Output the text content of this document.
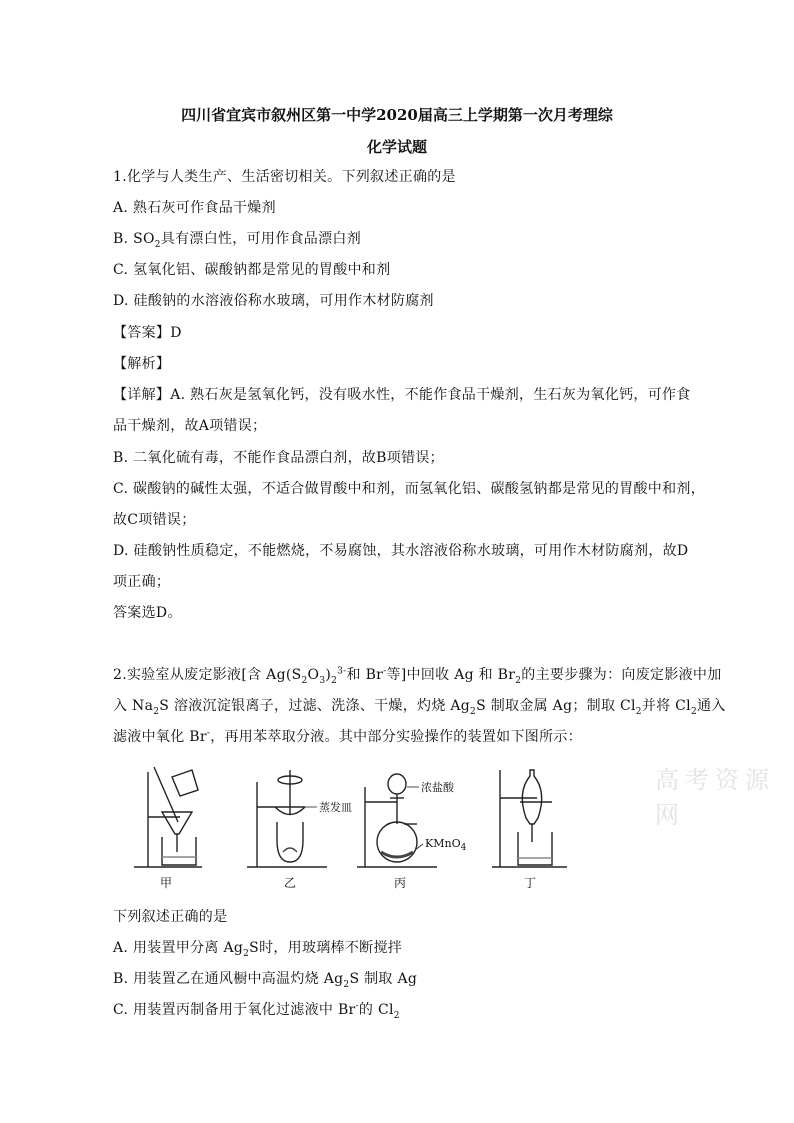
四川省宜宾市叙州区第一中学2020届高三上学期第一次月考理综
化学试题
1.化学与人类生产、生活密切相关。下列叙述正确的是
A. 熟石灰可作食品干燥剂
B. $SO_2$具有漂白性，可用作食品漂白剂
C. 氢氧化铝、碳酸钠都是常见的胃酸中和剂
D. 硅酸钠的水溶液俗称水玻璃，可用作木材防腐剂
【答案】D
【解析】
【详解】A. 熟石灰是氢氧化钙，没有吸水性，不能作食品干燥剂，生石灰为氧化钙，可作食
品干燥剂，故A项错误；
B. 二氧化硫有毒，不能作食品漂白剂，故B项错误；
C. 碳酸钠的碱性太强，不适合做胃酸中和剂，而氢氧化铝、碳酸氢钠都是常见的胃酸中和剂，
故C项错误；
D. 硅酸钠性质稳定，不能燃烧，不易腐蚀，其水溶液俗称水玻璃，可用作木材防腐剂，故D
项正确；
答案选D。
2.实验室从废定影液[含 $Ag(S_2O_3)_2^{3-}$和 Br-等]中回收 Ag 和 $Br_2$的主要步骤为：向废定影液中加
入 $Na_2S$ 溶液沉淀银离子，过滤、洗涤、干燥，灼烧 $Ag_2S$ 制取金属 Ag；制取 $Cl_2$并将 $Cl_2$通入
滤液中氧化 Br-，再用苯萃取分液。其中部分实验操作的装置如下图所示：
甲	乙	丙	丁
蒸发皿
浓盐酸
KMnO$_4$
高考资源网
下列叙述正确的是
A. 用装置甲分离 $Ag_2S$时，用玻璃棒不断搅拌
B. 用装置乙在通风橱中高温灼烧 $Ag_2S$ 制取 Ag
C. 用装置丙制备用于氧化过滤液中 Br-的 $Cl_2$
